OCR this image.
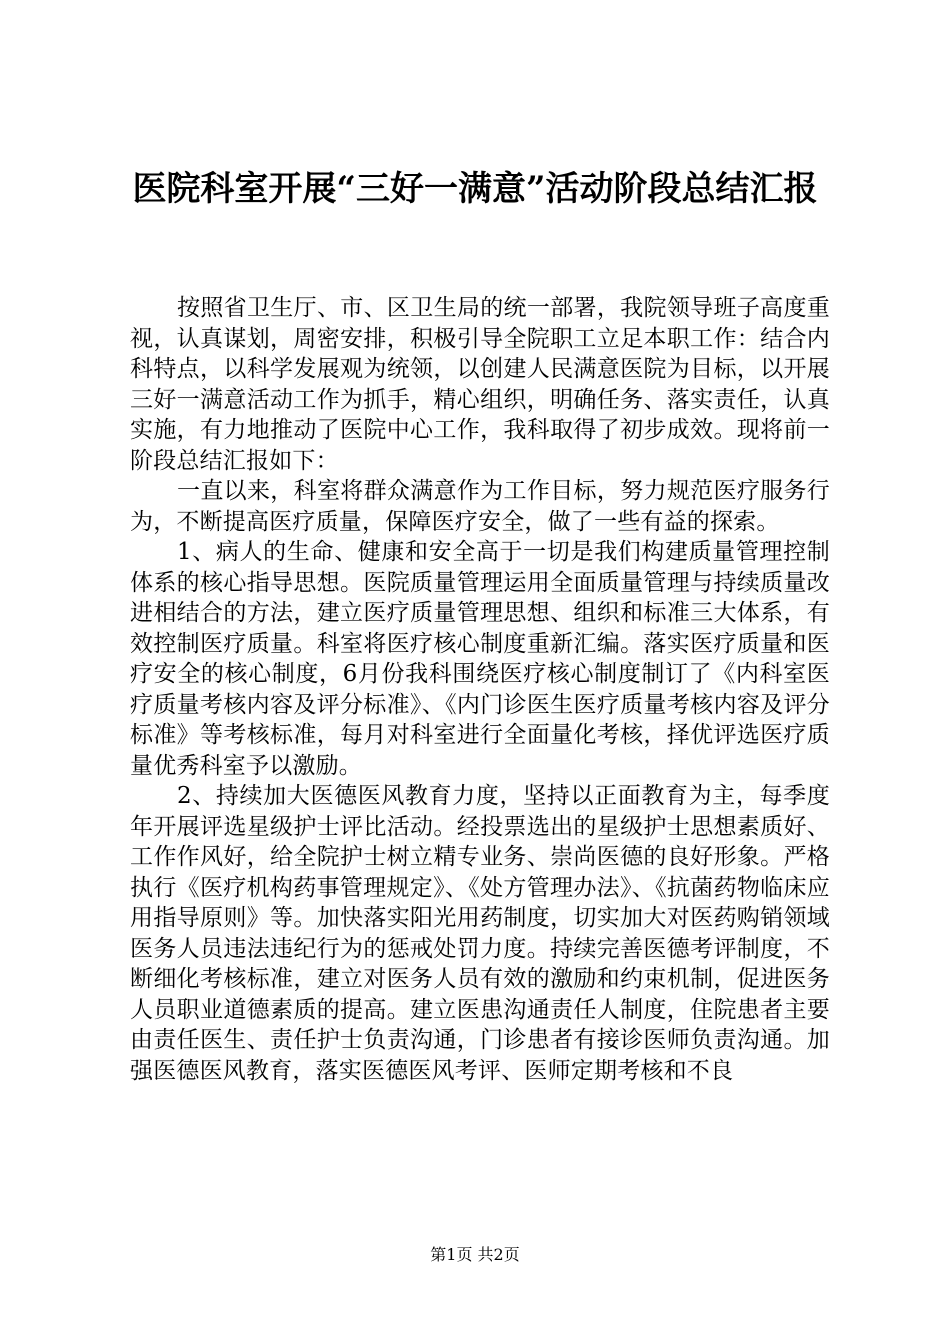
医院科室开展“三好一满意”活动阶段总结汇报

按照省卫生厅、市、区卫生局的统一部署，我院领导班子高度重视，认真谋划，周密安排，积极引导全院职工立足本职工作：结合内科特点，以科学发展观为统领，以创建人民满意医院为目标，以开展三好一满意活动工作为抓手，精心组织，明确任务、落实责任，认真实施，有力地推动了医院中心工作，我科取得了初步成效。现将前一阶段总结汇报如下：

一直以来，科室将群众满意作为工作目标，努力规范医疗服务行为，不断提高医疗质量，保障医疗安全，做了一些有益的探索。

1、病人的生命、健康和安全高于一切是我们构建质量管理控制体系的核心指导思想。医院质量管理运用全面质量管理与持续质量改进相结合的方法，建立医疗质量管理思想、组织和标准三大体系，有效控制医疗质量。科室将医疗核心制度重新汇编。落实医疗质量和医疗安全的核心制度，6月份我科围绕医疗核心制度制订了《内科室医疗质量考核内容及评分标准》、《内门诊医生医疗质量考核内容及评分标准》等考核标准，每月对科室进行全面量化考核，择优评选医疗质量优秀科室予以激励。

2、持续加大医德医风教育力度，坚持以正面教育为主，每季度年开展评选星级护士评比活动。经投票选出的星级护士思想素质好、工作作风好，给全院护士树立精专业务、崇尚医德的良好形象。严格执行《医疗机构药事管理规定》、《处方管理办法》、《抗菌药物临床应用指导原则》等。加快落实阳光用药制度，切实加大对医药购销领域医务人员违法违纪行为的惩戒处罚力度。持续完善医德考评制度，不断细化考核标准，建立对医务人员有效的激励和约束机制，促进医务人员职业道德素质的提高。建立医患沟通责任人制度，住院患者主要由责任医生、责任护士负责沟通，门诊患者有接诊医师负责沟通。加强医德医风教育，落实医德医风考评、医师定期考核和不良

第1页 共2页
